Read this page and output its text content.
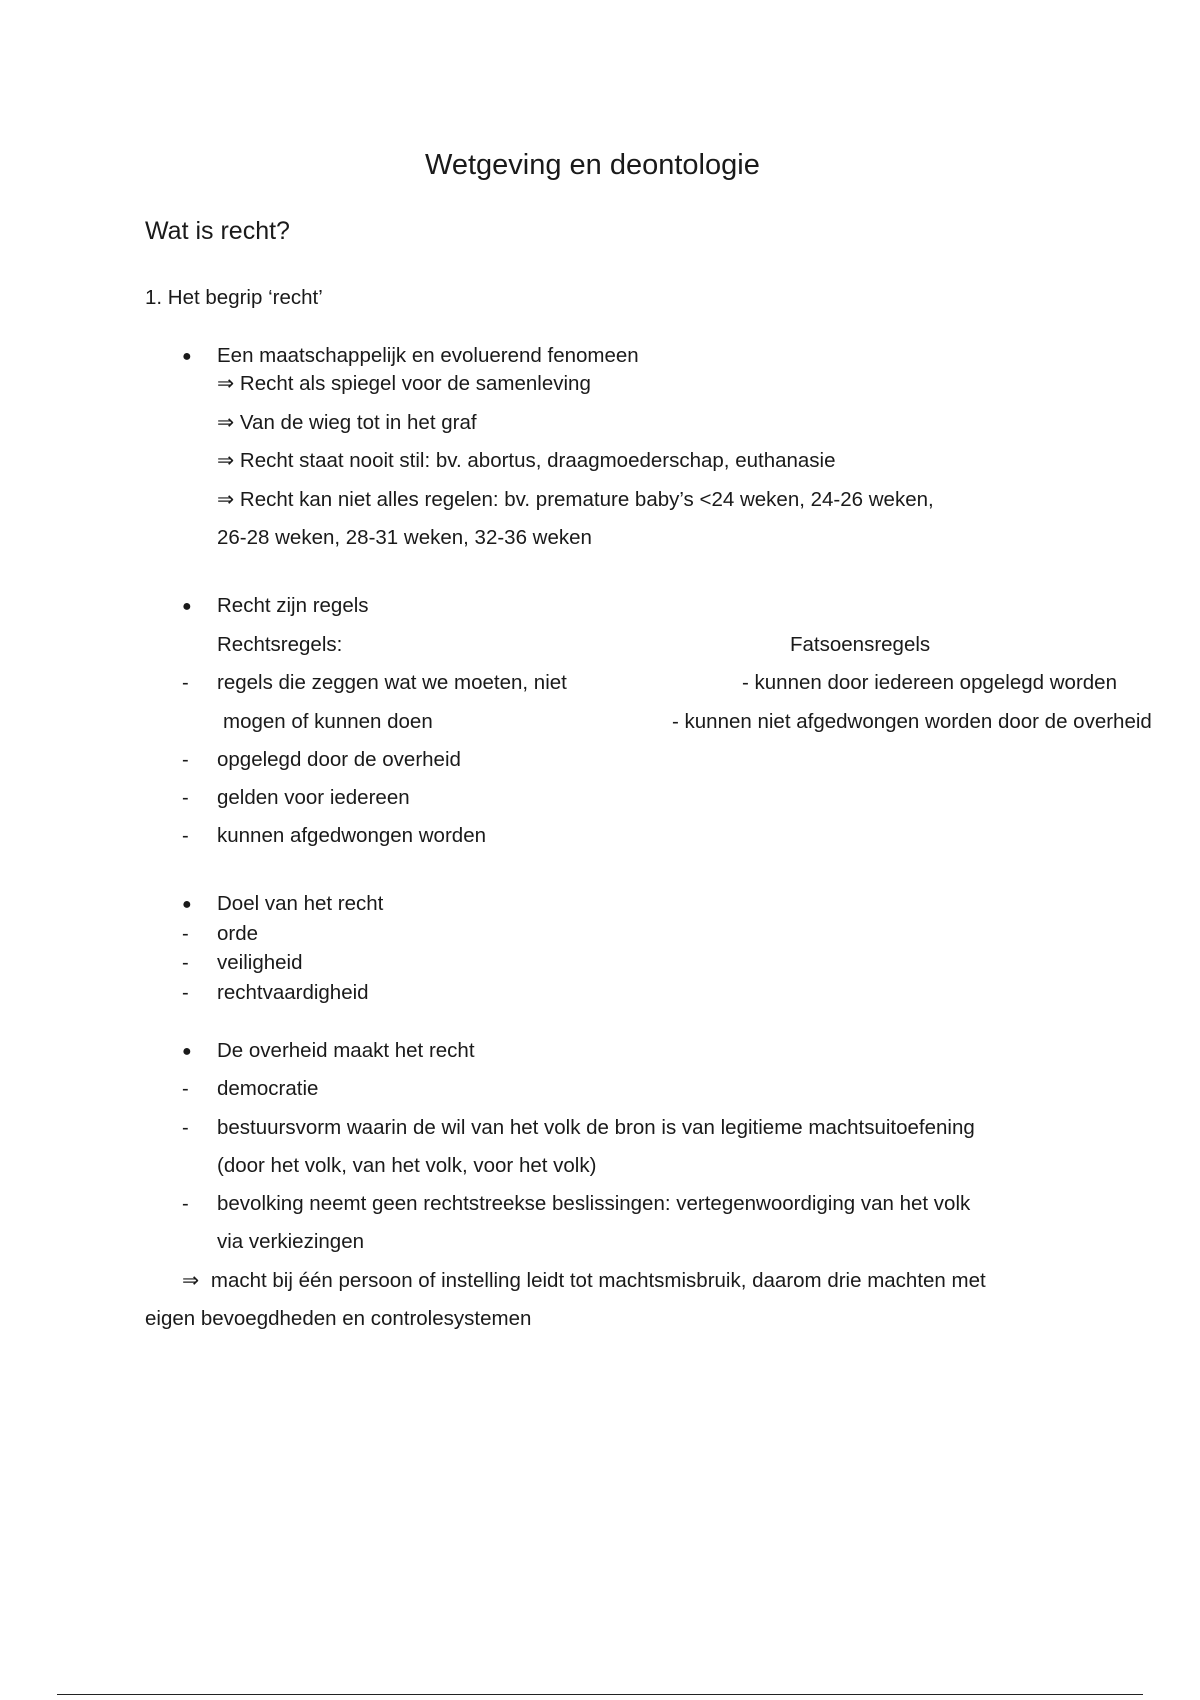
Wetgeving en deontologie
Wat is recht?
1. Het begrip ‘recht’
● Een maatschappelijk en evoluerend fenomeen
⇒ Recht als spiegel voor de samenleving
⇒ Van de wieg tot in het graf
⇒ Recht staat nooit stil: bv. abortus, draagmoederschap, euthanasie
⇒ Recht kan niet alles regelen: bv. premature baby’s <24 weken, 24-26 weken,
26-28 weken, 28-31 weken, 32-36 weken
● Recht zijn regels
Rechtsregels:	Fatsoensregels
- regels die zeggen wat we moeten, niet	- kunnen door iedereen opgelegd worden
mogen of kunnen doen	- kunnen niet afgedwongen worden door de overheid
- opgelegd door de overheid
- gelden voor iedereen
- kunnen afgedwongen worden
● Doel van het recht
- orde
- veiligheid
- rechtvaardigheid
● De overheid maakt het recht
- democratie
- bestuursvorm waarin de wil van het volk de bron is van legitieme machtsuitoefening
(door het volk, van het volk, voor het volk)
- bevolking neemt geen rechtstreekse beslissingen: vertegenwoordiging van het volk
via verkiezingen
⇒ macht bij één persoon of instelling leidt tot machtsmisbruik, daarom drie machten met
eigen bevoegdheden en controlesystemen
